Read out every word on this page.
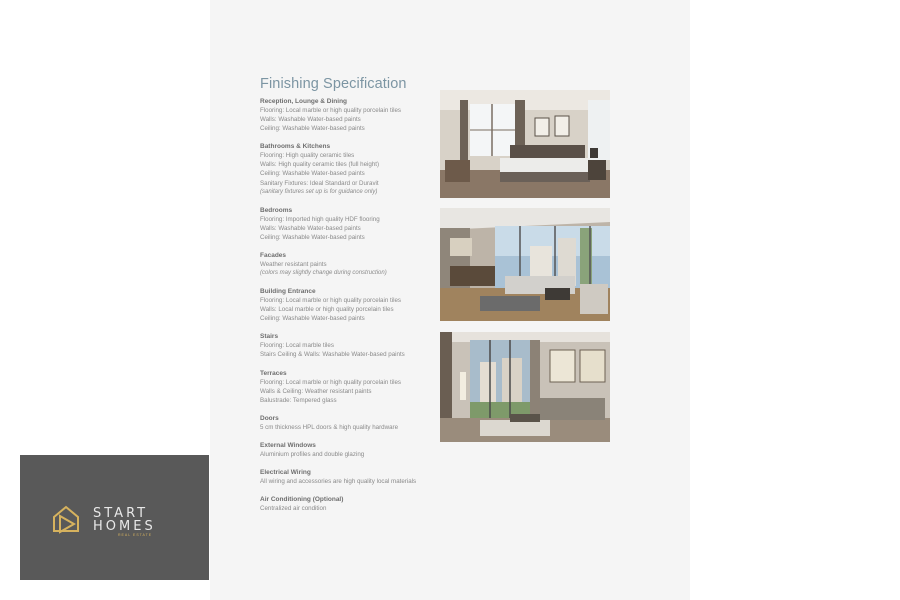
Finishing Specification
Reception, Lounge & Dining
Flooring: Local marble or high quality porcelain tiles
Walls: Washable Water-based paints
Ceiling: Washable Water-based paints
Bathrooms & Kitchens
Flooring: High quality ceramic tiles
Walls: High quality ceramic tiles (full height)
Ceiling: Washable Water-based paints
Sanitary Fixtures: Ideal Standard or Duravit
(sanitary fixtures set up is for guidance only)
Bedrooms
Flooring: Imported high quality HDF flooring
Walls: Washable Water-based paints
Ceiling: Washable Water-based paints
Facades
Weather resistant paints
(colors may slightly change during construction)
Building Entrance
Flooring: Local marble or high quality porcelain tiles
Walls: Local marble or high quality porcelain tiles
Ceiling: Washable Water-based paints
Stairs
Flooring: Local marble tiles
Stairs Ceiling & Walls: Washable Water-based paints
Terraces
Flooring: Local marble or high quality porcelain tiles
Walls & Ceiling: Weather resistant paints
Balustrade: Tempered glass
Doors
5 cm thickness HPL doors & high quality hardware
External Windows
Aluminium profiles and double glazing
Electrical Wiring
All wiring and accessories are high quality local materials
Air Conditioning (Optional)
Centralized air condition
START
HOMES
REAL ESTATE
